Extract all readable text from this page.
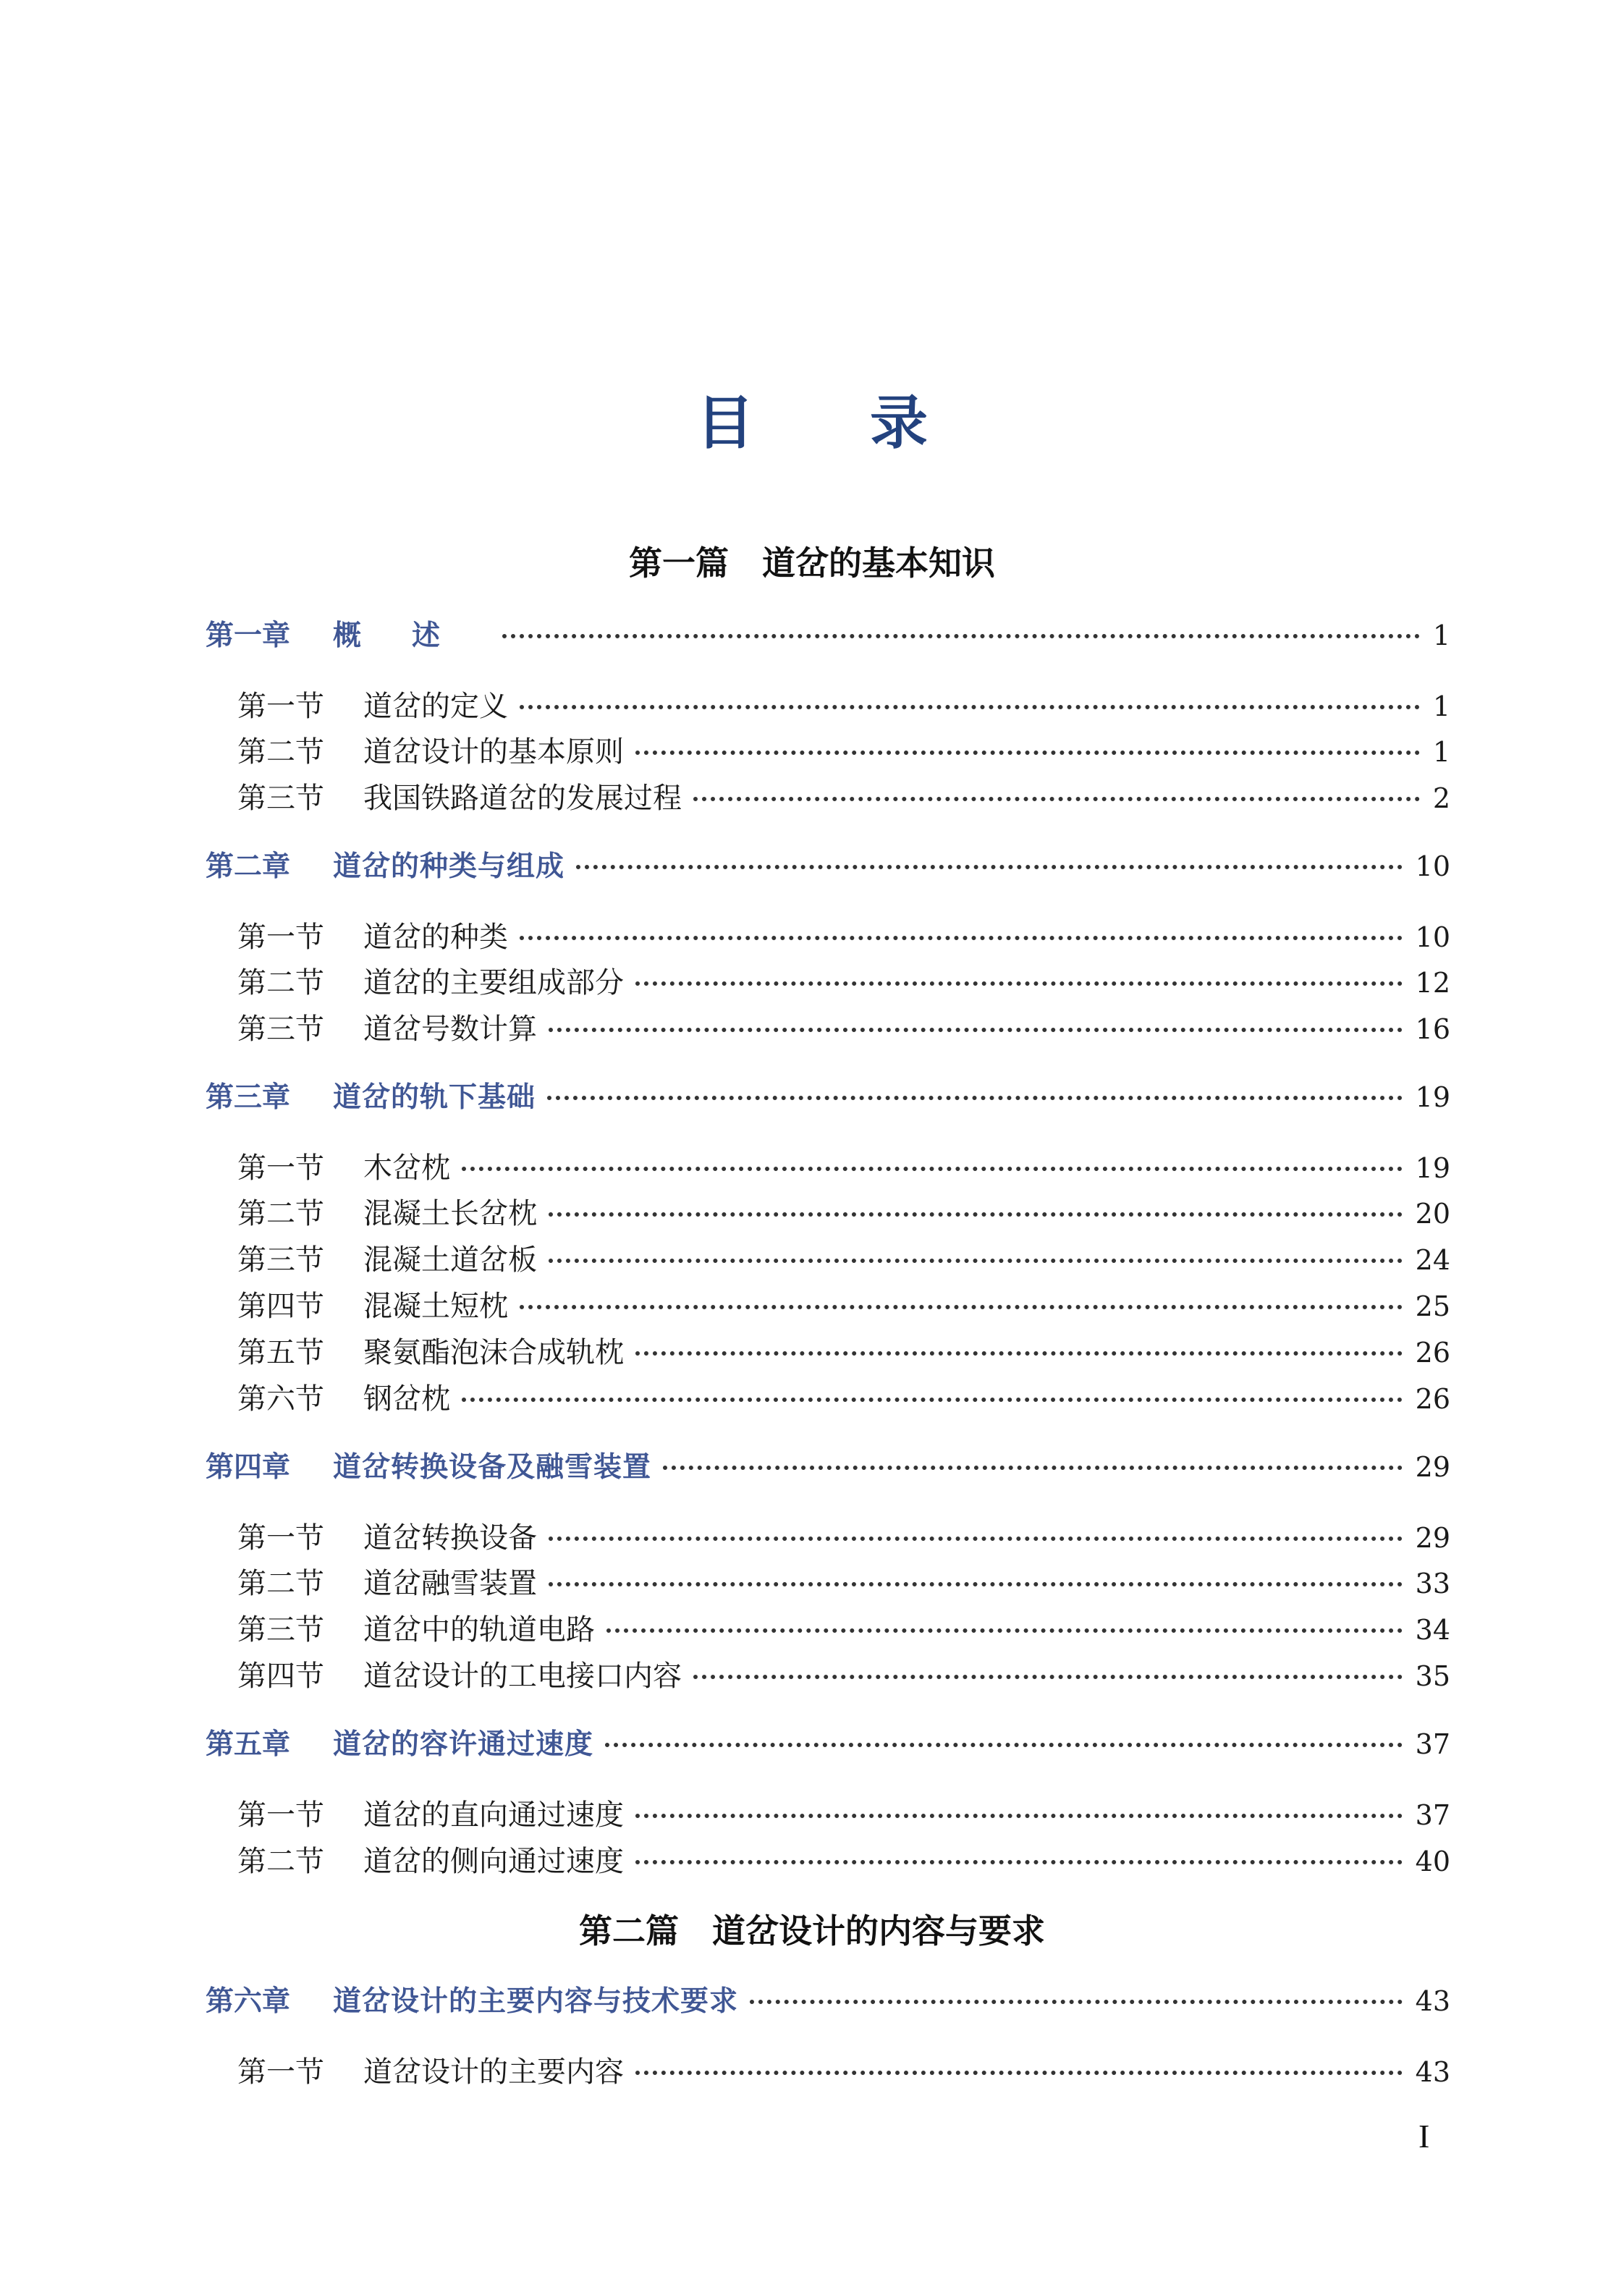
目录
第一篇 道岔的基本知识
第一章	概述	1
第一节	道岔的定义	1
第二节	道岔设计的基本原则	1
第三节	我国铁路道岔的发展过程	2
第二章	道岔的种类与组成	10
第一节	道岔的种类	10
第二节	道岔的主要组成部分	12
第三节	道岔号数计算	16
第三章	道岔的轨下基础	19
第一节	木岔枕	19
第二节	混凝土长岔枕	20
第三节	混凝土道岔板	24
第四节	混凝土短枕	25
第五节	聚氨酯泡沫合成轨枕	26
第六节	钢岔枕	26
第四章	道岔转换设备及融雪装置	29
第一节	道岔转换设备	29
第二节	道岔融雪装置	33
第三节	道岔中的轨道电路	34
第四节	道岔设计的工电接口内容	35
第五章	道岔的容许通过速度	37
第一节	道岔的直向通过速度	37
第二节	道岔的侧向通过速度	40
第二篇 道岔设计的内容与要求
第六章	道岔设计的主要内容与技术要求	43
第一节	道岔设计的主要内容	43
I
